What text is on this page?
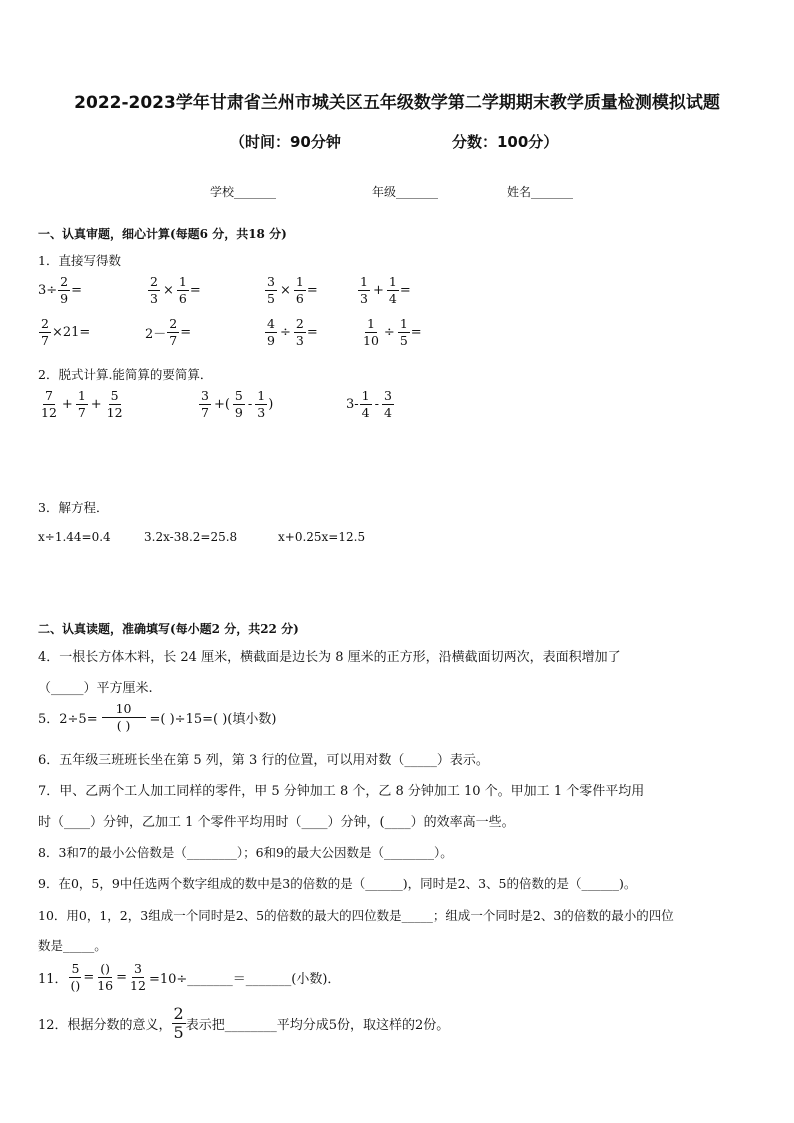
2022-2023学年甘肃省兰州市城关区五年级数学第二学期期末教学质量检测模拟试题
（时间：90分钟	分数：100分）
学校_______	年级_______	姓名_______
一、认真审题，细心计算(每题6 分，共18 分)
1．直接写得数
$3\div \frac{2}{9}$ =	$\frac{2}{3} \times \frac{1}{6}$ =	$\frac{3}{5} \times \frac{1}{6}$ =	$\frac{1}{3} + \frac{1}{4}$ =
$\frac{2}{7} \times 21=$	$2- \frac{2}{7}$ =	$\frac{4}{9} \div \frac{2}{3}$ =	$\frac{1}{10} \div \frac{1}{5}$ =
2．脱式计算.能简算的要简算．
$\frac{7}{12} + \frac{1}{7} + \frac{5}{12}$	$\frac{3}{7}$ +( $\frac{5}{9} - \frac{1}{3}$ )	$3- \frac{1}{4} - \frac{3}{4}$
3．解方程．
x÷1.44=0.4	3.2x-38.2=25.8	x+0.25x=12.5
二、认真读题，准确填写(每小题2 分，共22 分)
4．一根长方体木料，长 24 厘米，横截面是边长为 8 厘米的正方形，沿横截面切两次，表面积增加了
（_____）平方厘米.
5．$2\div 5= \frac{10}{( )}$ =( )÷15=( )(填小数)
6．五年级三班班长坐在第 5 列，第 3 行的位置，可以用对数（_____）表示。
7．甲、乙两个工人加工同样的零件，甲 5 分钟加工 8 个，乙 8 分钟加工 10 个。甲加工 1 个零件平均用
时（____）分钟，乙加工 1 个零件平均用时（____）分钟，(____）的效率高一些。
8．3和7的最小公倍数是（________）；6和9的最大公因数是（________）。
9．在0，5，9中任选两个数字组成的数中是3的倍数的是（______)，同时是2、3、5的倍数的是（______)。
10．用0，1，2，3组成一个同时是2、5的倍数的最大的四位数是_____；组成一个同时是2、3的倍数的最小的四位
数是_____。
11． $\frac{5}{()} = \frac{()}{16} = \frac{3}{12}$ =10÷_______＝_______(小数)．
12．根据分数的意义，
2
5 表示把________平均分成5份，取这样的2份。
